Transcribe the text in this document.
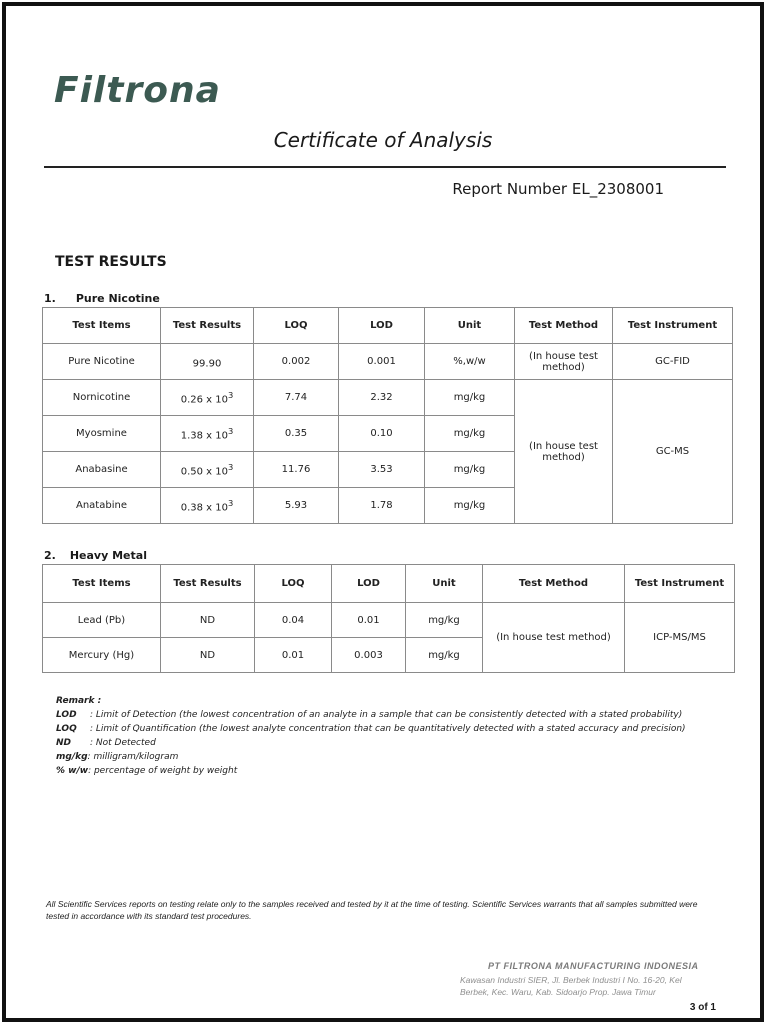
Filtrona
Certificate of Analysis
Report Number EL_2308001
TEST RESULTS
1. Pure Nicotine
Test Items	Test Results	LOQ	LOD	Unit	Test Method	Test Instrument
Pure Nicotine	99.90	0.002	0.001	%,w/w	(In house test method)	GC-FID
Nornicotine	0.26 x $10^3$	7.74	2.32	mg/kg	(In house test method)	GC-MS
Myosmine	1.38 x $10^3$	0.35	0.10	mg/kg		
Anabasine	0.50 x $10^3$	11.76	3.53	mg/kg		
Anatabine	0.38 x $10^3$	5.93	1.78	mg/kg		
2. Heavy Metal
Test Items	Test Results	LOQ	LOD	Unit	Test Method	Test Instrument
Lead (Pb)	ND	0.04	0.01	mg/kg	(In house test method)	ICP-MS/MS
Mercury (Hg)	ND	0.01	0.003	mg/kg		
Remark :
LOD : Limit of Detection (the lowest concentration of an analyte in a sample that can be consistently detected with a stated probability)
LOQ : Limit of Quantification (the lowest analyte concentration that can be quantitatively detected with a stated accuracy and precision)
ND : Not Detected
mg/kg: milligram/kilogram
% w/w: percentage of weight by weight
All Scientific Services reports on testing relate only to the samples received and tested by it at the time of testing. Scientific Services warrants that all samples submitted were tested in accordance with its standard test procedures.
PT FILTRONA MANUFACTURING INDONESIA
Kawasan Industri SIER, Jl. Berbek Industri I No. 16-20, Kel Berbek, Kec. Waru, Kab. Sidoarjo Prop. Jawa Timur
3 of 1
